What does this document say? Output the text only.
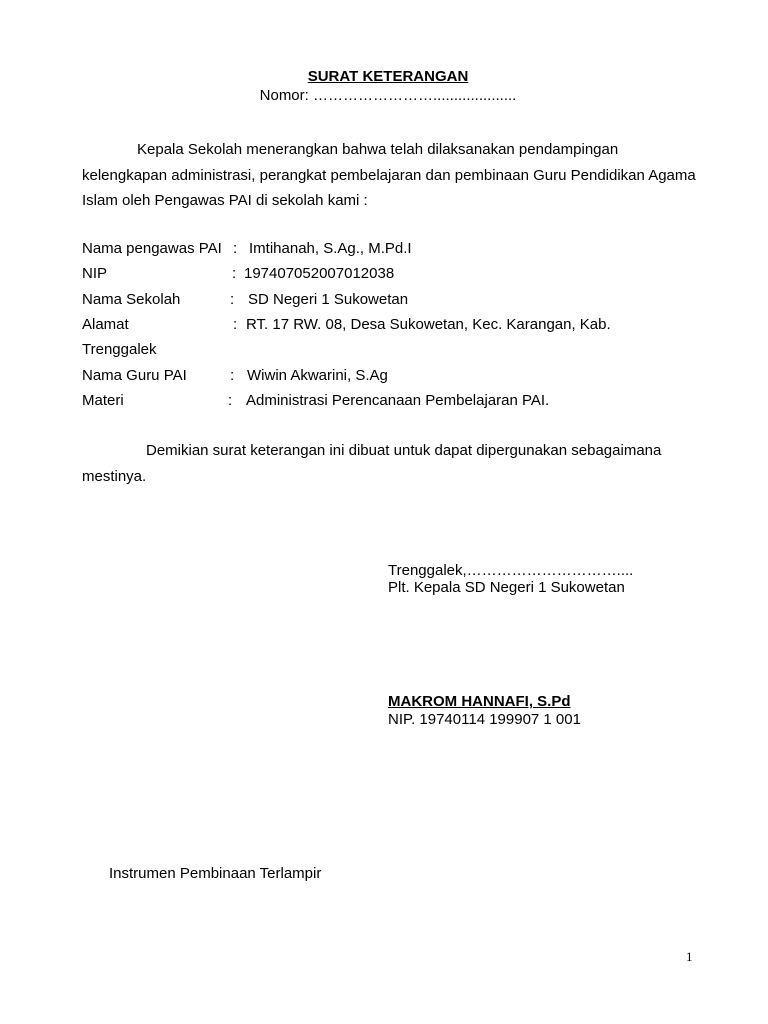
SURAT KETERANGAN
Nomor: ……………………....................
Kepala Sekolah menerangkan bahwa telah dilaksanakan pendampingan kelengkapan administrasi, perangkat pembelajaran dan pembinaan Guru Pendidikan Agama Islam oleh Pengawas PAI di sekolah kami :
Nama pengawas PAI : Imtihanah, S.Ag., M.Pd.I
NIP	: 197407052007012038
Nama Sekolah	: SD Negeri 1 Sukowetan
Alamat	: RT. 17 RW. 08, Desa Sukowetan, Kec. Karangan, Kab.
Trenggalek
Nama Guru PAI	: Wiwin Akwarini, S.Ag
Materi	: Administrasi Perencanaan Pembelajaran PAI.
Demikian surat keterangan ini dibuat untuk dapat dipergunakan sebagaimana mestinya.
Trenggalek,…………………………....
Plt. Kepala SD Negeri 1 Sukowetan
MAKROM HANNAFI, S.Pd
NIP. 19740114 199907 1 001
Instrumen Pembinaan Terlampir
1
